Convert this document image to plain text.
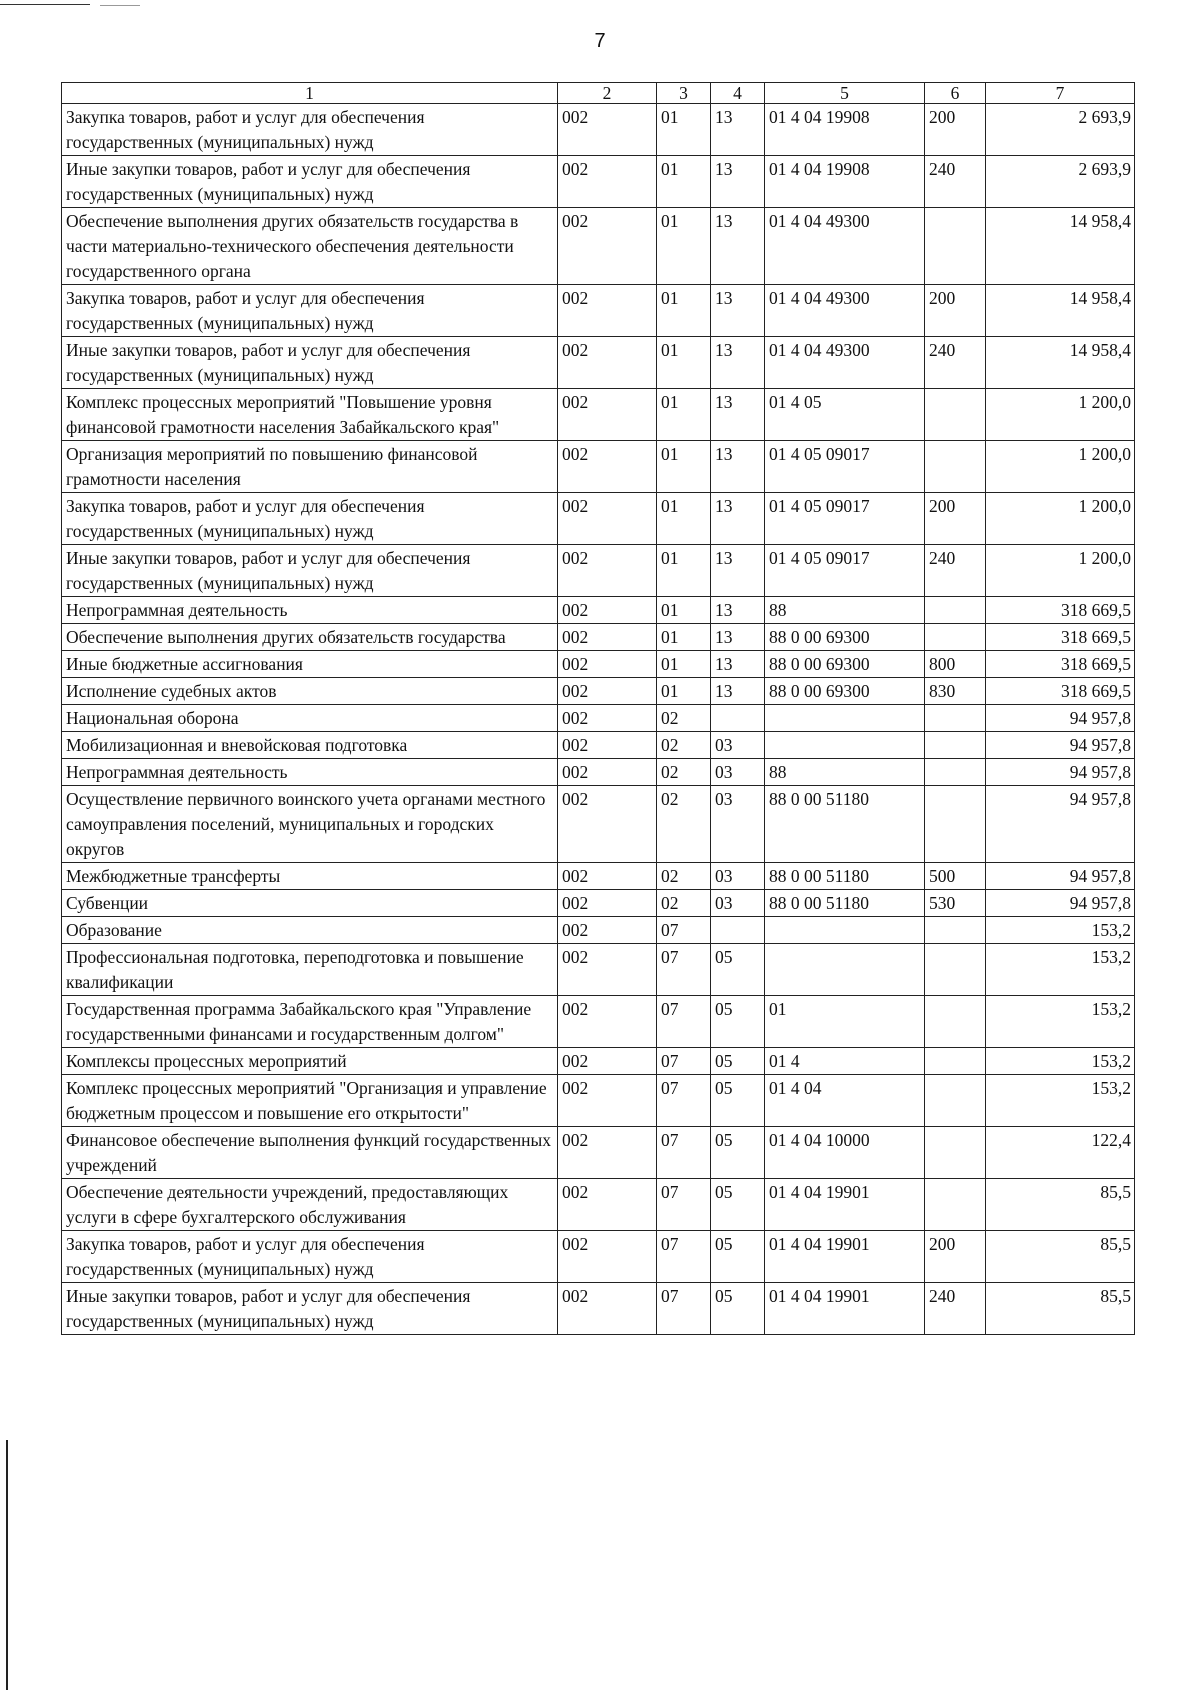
7
1	2	3	4	5	6	7
Закупка товаров, работ и услуг для обеспечения государственных (муниципальных) нужд	002	01	13	01 4 04 19908	200	2 693,9
Иные закупки товаров, работ и услуг для обеспечения государственных (муниципальных) нужд	002	01	13	01 4 04 19908	240	2 693,9
Обеспечение выполнения других обязательств государства в части материально-технического обеспечения деятельности государственного органа	002	01	13	01 4 04 49300		14 958,4
Закупка товаров, работ и услуг для обеспечения государственных (муниципальных) нужд	002	01	13	01 4 04 49300	200	14 958,4
Иные закупки товаров, работ и услуг для обеспечения государственных (муниципальных) нужд	002	01	13	01 4 04 49300	240	14 958,4
Комплекс процессных мероприятий "Повышение уровня финансовой грамотности населения Забайкальского края"	002	01	13	01 4 05		1 200,0
Организация мероприятий по повышению финансовой грамотности населения	002	01	13	01 4 05 09017		1 200,0
Закупка товаров, работ и услуг для обеспечения государственных (муниципальных) нужд	002	01	13	01 4 05 09017	200	1 200,0
Иные закупки товаров, работ и услуг для обеспечения государственных (муниципальных) нужд	002	01	13	01 4 05 09017	240	1 200,0
Непрограммная деятельность	002	01	13	88		318 669,5
Обеспечение выполнения других обязательств государства	002	01	13	88 0 00 69300		318 669,5
Иные бюджетные ассигнования	002	01	13	88 0 00 69300	800	318 669,5
Исполнение судебных актов	002	01	13	88 0 00 69300	830	318 669,5
Национальная оборона	002	02				94 957,8
Мобилизационная и вневойсковая подготовка	002	02	03			94 957,8
Непрограммная деятельность	002	02	03	88		94 957,8
Осуществление первичного воинского учета органами местного самоуправления поселений, муниципальных и городских округов	002	02	03	88 0 00 51180		94 957,8
Межбюджетные трансферты	002	02	03	88 0 00 51180	500	94 957,8
Субвенции	002	02	03	88 0 00 51180	530	94 957,8
Образование	002	07				153,2
Профессиональная подготовка, переподготовка и повышение квалификации	002	07	05			153,2
Государственная программа Забайкальского края "Управление государственными финансами и государственным долгом"	002	07	05	01		153,2
Комплексы процессных мероприятий	002	07	05	01 4		153,2
Комплекс процессных мероприятий "Организация и управление бюджетным процессом и повышение его открытости"	002	07	05	01 4 04		153,2
Финансовое обеспечение выполнения функций государственных учреждений	002	07	05	01 4 04 10000		122,4
Обеспечение деятельности учреждений, предоставляющих услуги в сфере бухгалтерского обслуживания	002	07	05	01 4 04 19901		85,5
Закупка товаров, работ и услуг для обеспечения государственных (муниципальных) нужд	002	07	05	01 4 04 19901	200	85,5
Иные закупки товаров, работ и услуг для обеспечения государственных (муниципальных) нужд	002	07	05	01 4 04 19901	240	85,5
